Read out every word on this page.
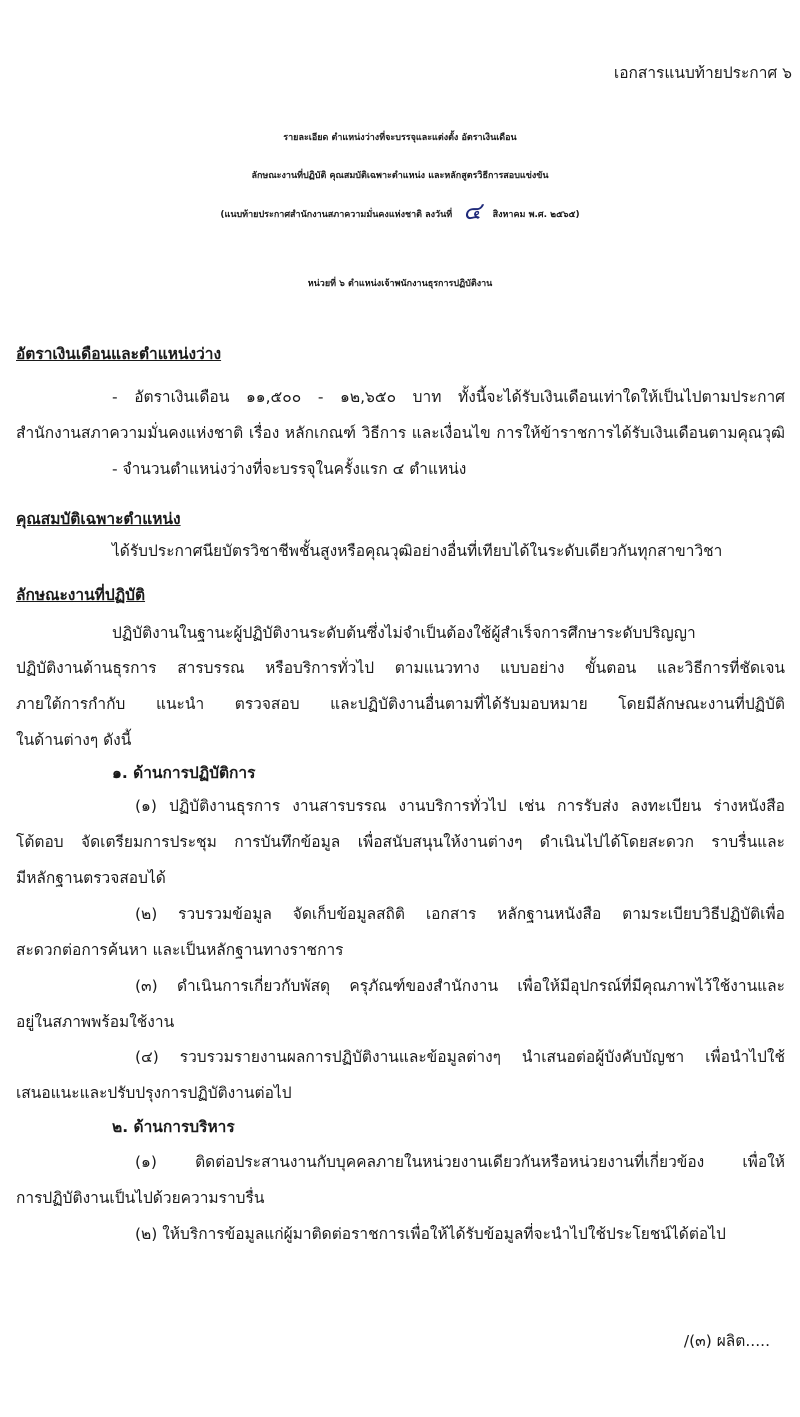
เอกสารแนบท้ายประกาศ ๖
รายละเอียด ตำแหน่งว่างที่จะบรรจุและแต่งตั้ง อัตราเงินเดือน
ลักษณะงานที่ปฏิบัติ คุณสมบัติเฉพาะตำแหน่ง และหลักสูตรวิธีการสอบแข่งขัน
(แนบท้ายประกาศสำนักงานสภาความมั่นคงแห่งชาติ ลงวันที่ ๔ สิงหาคม พ.ศ. ๒๕๖๕)
หน่วยที่ ๖ ตำแหน่งเจ้าพนักงานธุรการปฏิบัติงาน
อัตราเงินเดือนและตำแหน่งว่าง
- อัตราเงินเดือน ๑๑,๕๐๐ - ๑๒,๖๕๐ บาท ทั้งนี้จะได้รับเงินเดือนเท่าใดให้เป็นไปตามประกาศ
สำนักงานสภาความมั่นคงแห่งชาติ เรื่อง หลักเกณฑ์ วิธีการ และเงื่อนไข การให้ข้าราชการได้รับเงินเดือนตามคุณวุฒิ
- จำนวนตำแหน่งว่างที่จะบรรจุในครั้งแรก ๔ ตำแหน่ง
คุณสมบัติเฉพาะตำแหน่ง
ได้รับประกาศนียบัตรวิชาชีพชั้นสูงหรือคุณวุฒิอย่างอื่นที่เทียบได้ในระดับเดียวกันทุกสาขาวิชา
ลักษณะงานที่ปฏิบัติ
ปฏิบัติงานในฐานะผู้ปฏิบัติงานระดับต้นซึ่งไม่จำเป็นต้องใช้ผู้สำเร็จการศึกษาระดับปริญญา
ปฏิบัติงานด้านธุรการ สารบรรณ หรือบริการทั่วไป ตามแนวทาง แบบอย่าง ขั้นตอน และวิธีการที่ชัดเจน
ภายใต้การกำกับ แนะนำ ตรวจสอบ และปฏิบัติงานอื่นตามที่ได้รับมอบหมาย โดยมีลักษณะงานที่ปฏิบัติ
ในด้านต่างๆ ดังนี้
๑. ด้านการปฏิบัติการ
(๑) ปฏิบัติงานธุรการ งานสารบรรณ งานบริการทั่วไป เช่น การรับส่ง ลงทะเบียน ร่างหนังสือ
โต้ตอบ จัดเตรียมการประชุม การบันทึกข้อมูล เพื่อสนับสนุนให้งานต่างๆ ดำเนินไปได้โดยสะดวก ราบรื่นและ
มีหลักฐานตรวจสอบได้
(๒) รวบรวมข้อมูล จัดเก็บข้อมูลสถิติ เอกสาร หลักฐานหนังสือ ตามระเบียบวิธีปฏิบัติเพื่อ
สะดวกต่อการค้นหา และเป็นหลักฐานทางราชการ
(๓) ดำเนินการเกี่ยวกับพัสดุ ครุภัณฑ์ของสำนักงาน เพื่อให้มีอุปกรณ์ที่มีคุณภาพไว้ใช้งานและ
อยู่ในสภาพพร้อมใช้งาน
(๔) รวบรวมรายงานผลการปฏิบัติงานและข้อมูลต่างๆ นำเสนอต่อผู้บังคับบัญชา เพื่อนำไปใช้
เสนอแนะและปรับปรุงการปฏิบัติงานต่อไป
๒. ด้านการบริหาร
(๑) ติดต่อประสานงานกับบุคคลภายในหน่วยงานเดียวกันหรือหน่วยงานที่เกี่ยวข้อง เพื่อให้
การปฏิบัติงานเป็นไปด้วยความราบรื่น
(๒) ให้บริการข้อมูลแก่ผู้มาติดต่อราชการเพื่อให้ได้รับข้อมูลที่จะนำไปใช้ประโยชน์ได้ต่อไป
/(๓) ผลิต.....
